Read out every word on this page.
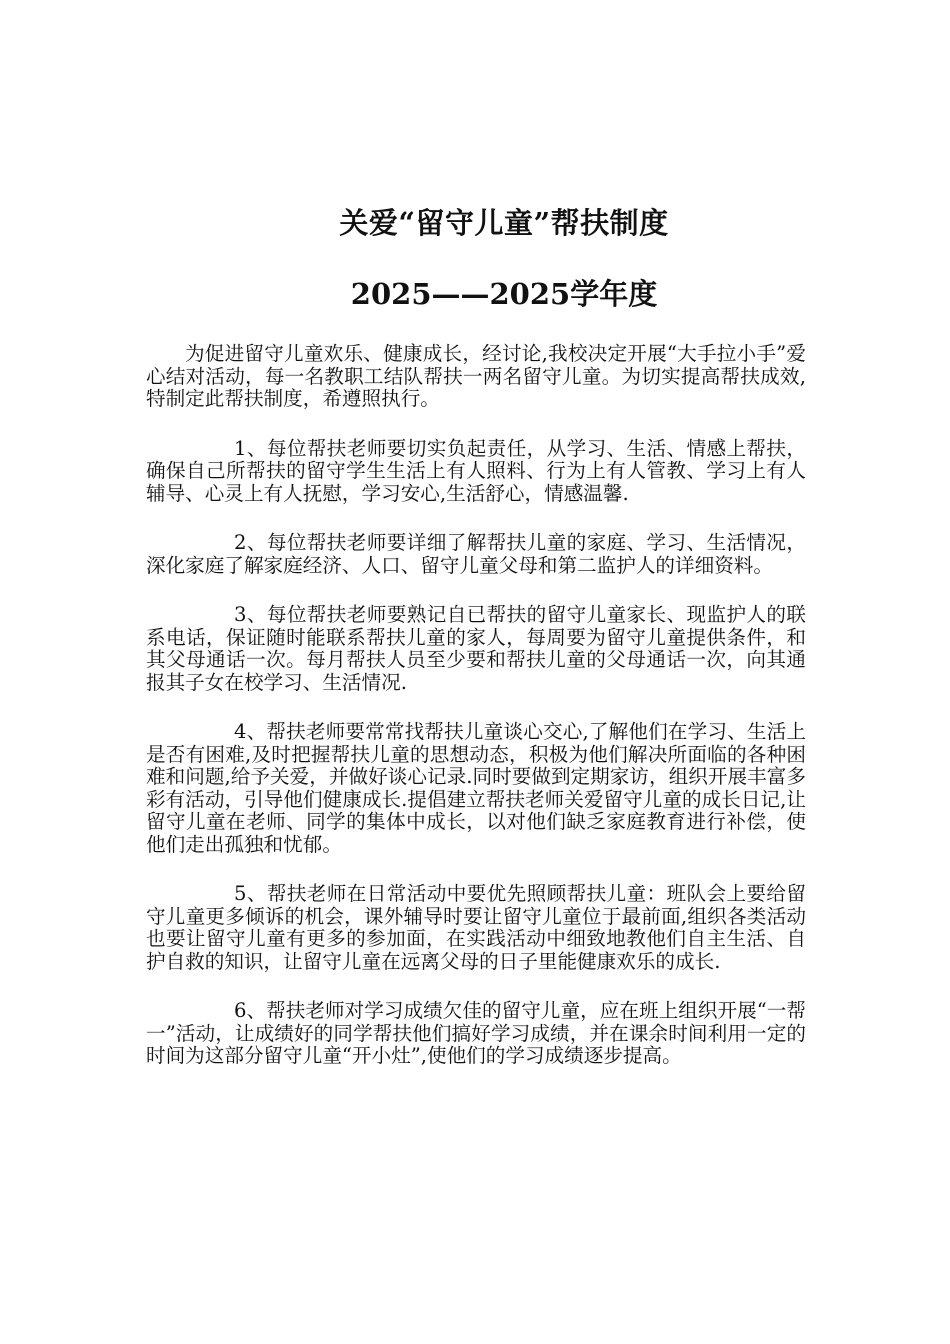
关爱“留守儿童”帮扶制度
2025——2025学年度

为促进留守儿童欢乐、健康成长，经讨论,我校决定开展“大手拉小手”爱心结对活动，每一名教职工结队帮扶一两名留守儿童。为切实提高帮扶成效,特制定此帮扶制度，希遵照执行。

1、每位帮扶老师要切实负起责任，从学习、生活、情感上帮扶，确保自己所帮扶的留守学生生活上有人照料、行为上有人管教、学习上有人辅导、心灵上有人抚慰，学习安心,生活舒心，情感温馨.

2、每位帮扶老师要详细了解帮扶儿童的家庭、学习、生活情况，深化家庭了解家庭经济、人口、留守儿童父母和第二监护人的详细资料。

3、每位帮扶老师要熟记自已帮扶的留守儿童家长、现监护人的联系电话，保证随时能联系帮扶儿童的家人，每周要为留守儿童提供条件，和其父母通话一次。每月帮扶人员至少要和帮扶儿童的父母通话一次，向其通报其子女在校学习、生活情况.

4、帮扶老师要常常找帮扶儿童谈心交心,了解他们在学习、生活上是否有困难,及时把握帮扶儿童的思想动态，积极为他们解决所面临的各种困难和问题,给予关爱，并做好谈心记录.同时要做到定期家访，组织开展丰富多彩有活动，引导他们健康成长.提倡建立帮扶老师关爱留守儿童的成长日记,让留守儿童在老师、同学的集体中成长，以对他们缺乏家庭教育进行补偿，使他们走出孤独和忧郁。

5、帮扶老师在日常活动中要优先照顾帮扶儿童：班队会上要给留守儿童更多倾诉的机会，课外辅导时要让留守儿童位于最前面,组织各类活动也要让留守儿童有更多的参加面，在实践活动中细致地教他们自主生活、自护自救的知识，让留守儿童在远离父母的日子里能健康欢乐的成长.

6、帮扶老师对学习成绩欠佳的留守儿童，应在班上组织开展“一帮一”活动，让成绩好的同学帮扶他们搞好学习成绩，并在课余时间利用一定的时间为这部分留守儿童“开小灶”,使他们的学习成绩逐步提高。
